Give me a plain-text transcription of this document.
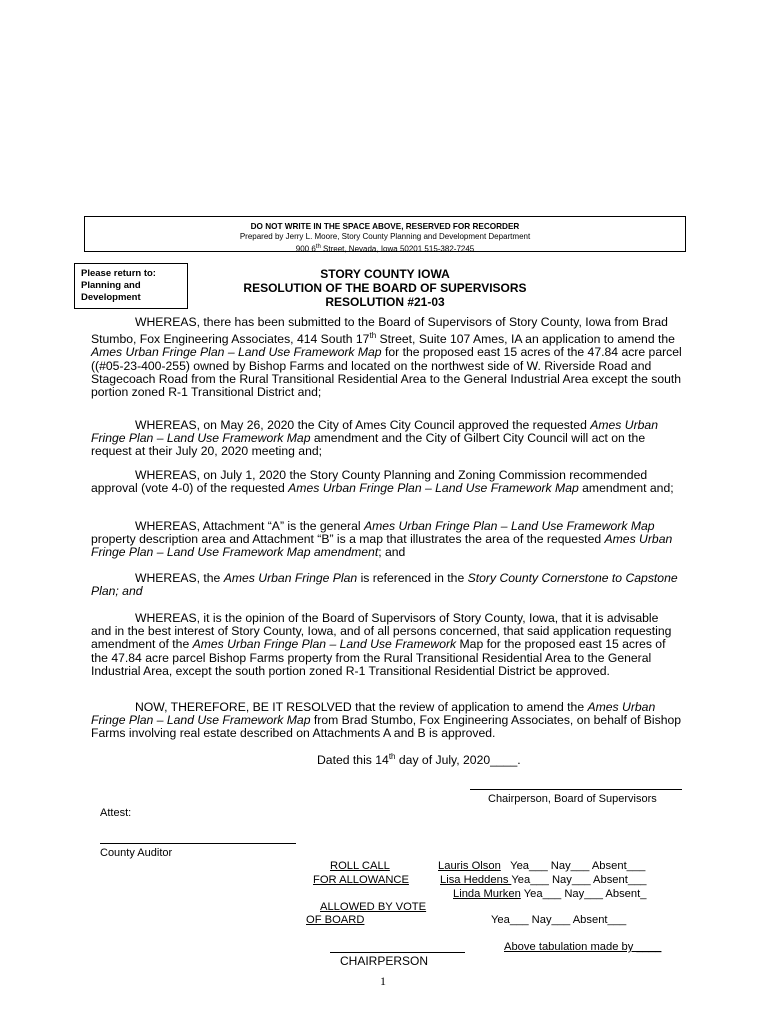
DO NOT WRITE IN THE SPACE ABOVE, RESERVED FOR RECORDER
Prepared by Jerry L. Moore, Story County Planning and Development Department
900 6th Street, Nevada, Iowa 50201 515-382-7245
Please return to:
Planning and
Development
STORY COUNTY IOWA
RESOLUTION OF THE BOARD OF SUPERVISORS
RESOLUTION #21-03

WHEREAS, there has been submitted to the Board of Supervisors of Story County, Iowa from Brad Stumbo, Fox Engineering Associates, 414 South 17th Street, Suite 107 Ames, IA an application to amend the Ames Urban Fringe Plan – Land Use Framework Map for the proposed east 15 acres of the 47.84 acre parcel ((#05-23-400-255) owned by Bishop Farms and located on the northwest side of W. Riverside Road and Stagecoach Road from the Rural Transitional Residential Area to the General Industrial Area except the south portion zoned R-1 Transitional District and;

WHEREAS, on May 26, 2020 the City of Ames City Council approved the requested Ames Urban Fringe Plan – Land Use Framework Map amendment and the City of Gilbert City Council will act on the request at their July 20, 2020 meeting and;

WHEREAS, on July 1, 2020 the Story County Planning and Zoning Commission recommended approval (vote 4-0) of the requested Ames Urban Fringe Plan – Land Use Framework Map amendment and;

WHEREAS, Attachment “A” is the general Ames Urban Fringe Plan – Land Use Framework Map property description area and Attachment “B” is a map that illustrates the area of the requested Ames Urban Fringe Plan – Land Use Framework Map amendment; and

WHEREAS, the Ames Urban Fringe Plan is referenced in the Story County Cornerstone to Capstone Plan; and

WHEREAS, it is the opinion of the Board of Supervisors of Story County, Iowa, that it is advisable and in the best interest of Story County, Iowa, and of all persons concerned, that said application requesting amendment of the Ames Urban Fringe Plan – Land Use Framework Map for the proposed east 15 acres of the 47.84 acre parcel Bishop Farms property from the Rural Transitional Residential Area to the General Industrial Area, except the south portion zoned R-1 Transitional Residential District be approved.

NOW, THEREFORE, BE IT RESOLVED that the review of application to amend the Ames Urban Fringe Plan – Land Use Framework Map from Brad Stumbo, Fox Engineering Associates, on behalf of Bishop Farms involving real estate described on Attachments A and B is approved.

Dated this 14th day of July, 2020____.
Chairperson, Board of Supervisors
Attest:
County Auditor
ROLL CALL
FOR ALLOWANCE
Lauris Olson Yea___ Nay___ Absent___
Lisa Heddens Yea___ Nay___ Absent___
Linda Murken Yea___ Nay___ Absent_
ALLOWED BY VOTE
OF BOARD	Yea___ Nay___ Absent___
Above tabulation made by ____
CHAIRPERSON
1
